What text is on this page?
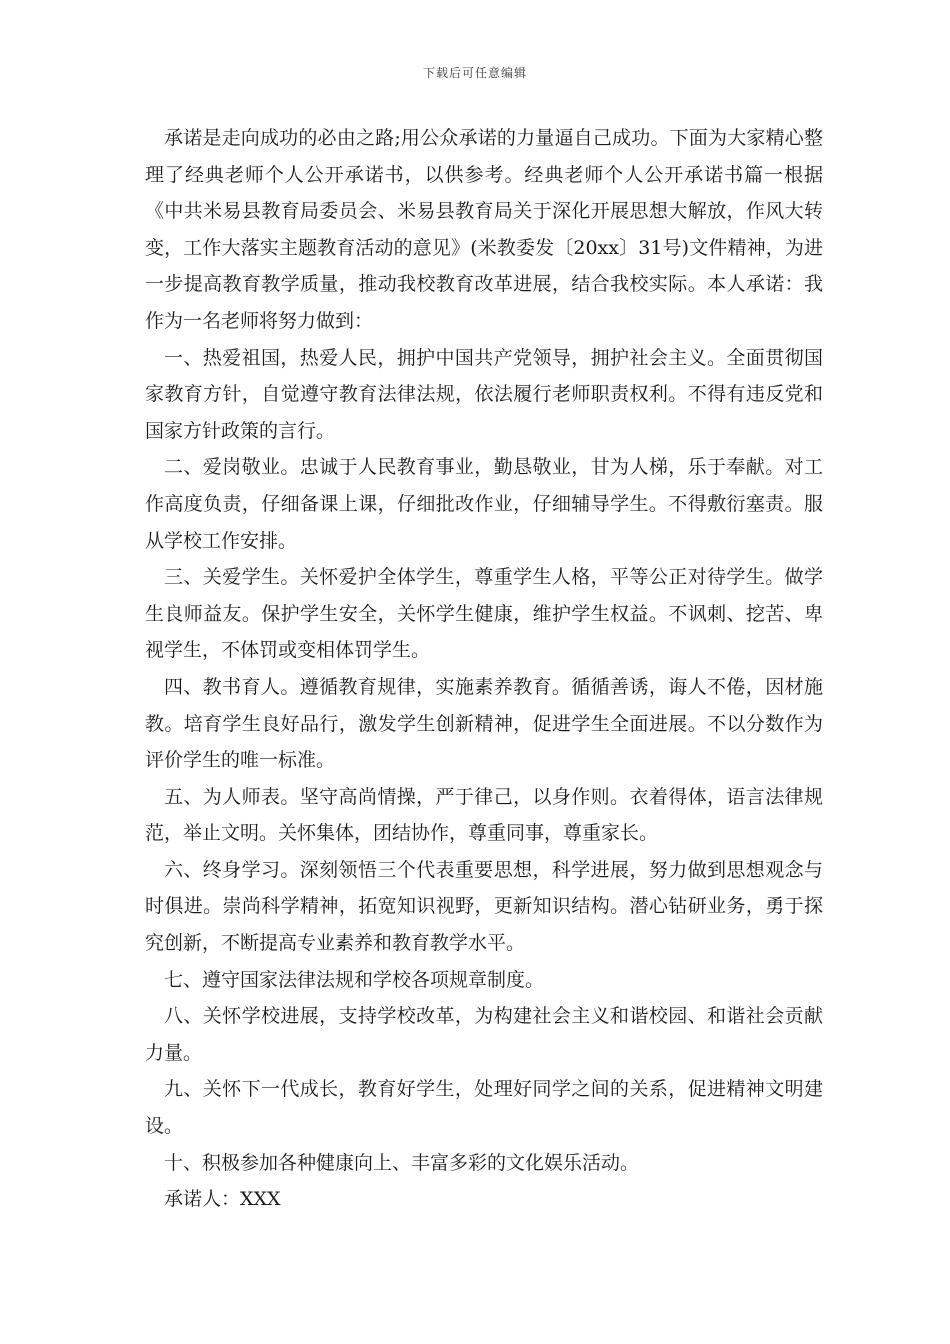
下载后可任意编辑

承诺是走向成功的必由之路;用公众承诺的力量逼自己成功。下面为大家精心整理了经典老师个人公开承诺书，以供参考。经典老师个人公开承诺书篇一根据《中共米易县教育局委员会、米易县教育局关于深化开展思想大解放，作风大转变，工作大落实主题教育活动的意见》(米教委发〔20xx〕31号)文件精神，为进一步提高教育教学质量，推动我校教育改革进展，结合我校实际。本人承诺：我作为一名老师将努力做到：

一、热爱祖国，热爱人民，拥护中国共产党领导，拥护社会主义。全面贯彻国家教育方针，自觉遵守教育法律法规，依法履行老师职责权利。不得有违反党和国家方针政策的言行。

二、爱岗敬业。忠诚于人民教育事业，勤恳敬业，甘为人梯，乐于奉献。对工作高度负责，仔细备课上课，仔细批改作业，仔细辅导学生。不得敷衍塞责。服从学校工作安排。

三、关爱学生。关怀爱护全体学生，尊重学生人格，平等公正对待学生。做学生良师益友。保护学生安全，关怀学生健康，维护学生权益。不讽刺、挖苦、卑视学生，不体罚或变相体罚学生。

四、教书育人。遵循教育规律，实施素养教育。循循善诱，诲人不倦，因材施教。培育学生良好品行，激发学生创新精神，促进学生全面进展。不以分数作为评价学生的唯一标准。

五、为人师表。坚守高尚情操，严于律己，以身作则。衣着得体，语言法律规范，举止文明。关怀集体，团结协作，尊重同事，尊重家长。

六、终身学习。深刻领悟三个代表重要思想，科学进展，努力做到思想观念与时俱进。崇尚科学精神，拓宽知识视野，更新知识结构。潜心钻研业务，勇于探究创新，不断提高专业素养和教育教学水平。

七、遵守国家法律法规和学校各项规章制度。

八、关怀学校进展，支持学校改革，为构建社会主义和谐校园、和谐社会贡献力量。

九、关怀下一代成长，教育好学生，处理好同学之间的关系，促进精神文明建设。

十、积极参加各种健康向上、丰富多彩的文化娱乐活动。

承诺人：XXX
